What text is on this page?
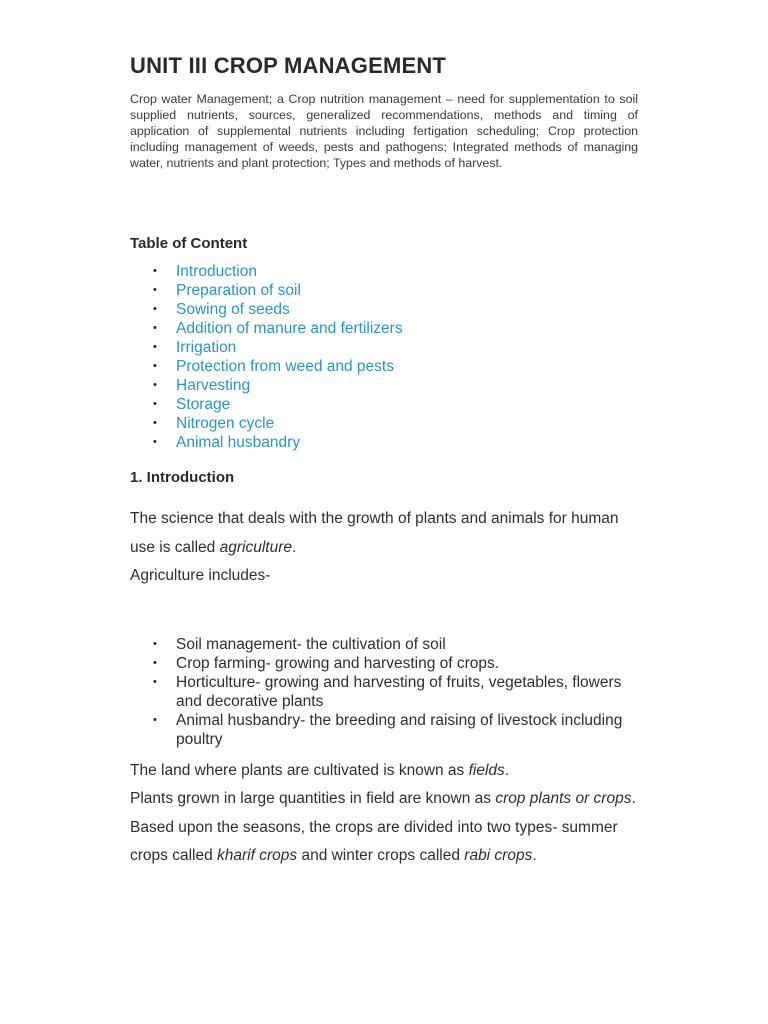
UNIT III CROP MANAGEMENT

Crop water Management; a Crop nutrition management – need for supplementation to soil supplied nutrients, sources, generalized recommendations, methods and timing of application of supplemental nutrients including fertigation scheduling; Crop protection including management of weeds, pests and pathogens; Integrated methods of managing water, nutrients and plant protection; Types and methods of harvest.

Table of Content
• Introduction
• Preparation of soil
• Sowing of seeds
• Addition of manure and fertilizers
• Irrigation
• Protection from weed and pests
• Harvesting
• Storage
• Nitrogen cycle
• Animal husbandry
1. Introduction

The science that deals with the growth of plants and animals for human use is called agriculture.

Agriculture includes-

• Soil management- the cultivation of soil
• Crop farming- growing and harvesting of crops.
• Horticulture- growing and harvesting of fruits, vegetables, flowers and decorative plants
• Animal husbandry- the breeding and raising of livestock including poultry

The land where plants are cultivated is known as fields.

Plants grown in large quantities in field are known as crop plants or crops.

Based upon the seasons, the crops are divided into two types- summer crops called kharif crops and winter crops called rabi crops.
